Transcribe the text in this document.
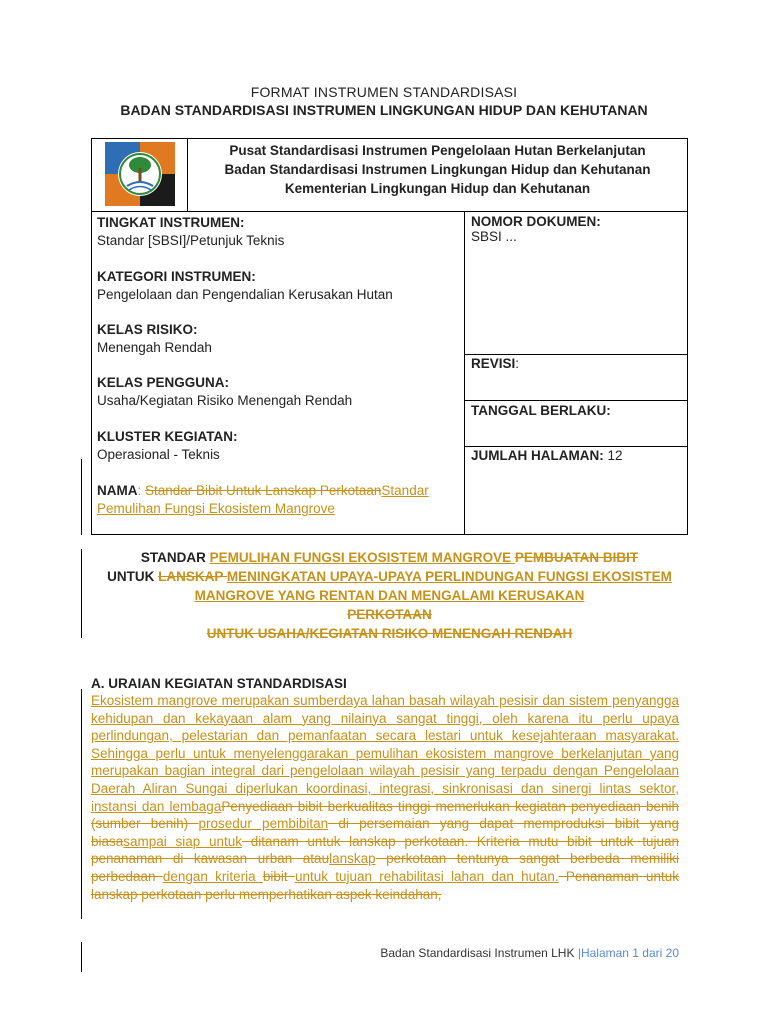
FORMAT INSTRUMEN STANDARDISASI
BADAN STANDARDISASI INSTRUMEN LINGKUNGAN HIDUP DAN KEHUTANAN
Pusat Standardisasi Instrumen Pengelolaan Hutan Berkelanjutan
Badan Standardisasi Instrumen Lingkungan Hidup dan Kehutanan
Kementerian Lingkungan Hidup dan Kehutanan
TINGKAT INSTRUMEN:
Standar [SBSI]/Petunjuk Teknis
KATEGORI INSTRUMEN:
Pengelolaan dan Pengendalian Kerusakan Hutan
KELAS RISIKO:
Menengah Rendah
KELAS PENGGUNA:
Usaha/Kegiatan Risiko Menengah Rendah
KLUSTER KEGIATAN:
Operasional - Teknis
NAMA: Standar Bibit Untuk Lanskap PerkotaanStandar Pemulihan Fungsi Ekosistem Mangrove
NOMOR DOKUMEN:
SBSI ...
REVISI:
TANGGAL BERLAKU:
JUMLAH HALAMAN: 12
STANDAR PEMULIHAN FUNGSI EKOSISTEM MANGROVE PEMBUATAN BIBIT
UNTUK LANSKAP MENINGKATAN UPAYA-UPAYA PERLINDUNGAN FUNGSI EKOSISTEM MANGROVE YANG RENTAN DAN MENGALAMI KERUSAKAN
PERKOTAAN
UNTUK USAHA/KEGIATAN RISIKO MENENGAH RENDAH
A. URAIAN KEGIATAN STANDARDISASI
Ekosistem mangrove merupakan sumberdaya lahan basah wilayah pesisir dan sistem penyangga kehidupan dan kekayaan alam yang nilainya sangat tinggi, oleh karena itu perlu upaya perlindungan, pelestarian dan pemanfaatan secara lestari untuk kesejahteraan masyarakat. Sehingga perlu untuk menyelenggarakan pemulihan ekosistem mangrove berkelanjutan yang merupakan bagian integral dari pengelolaan wilayah pesisir yang terpadu dengan Pengelolaan Daerah Aliran Sungai diperlukan koordinasi, integrasi, sinkronisasi dan sinergi lintas sektor, instansi dan lembagaPenyediaan bibit berkualitas tinggi memerlukan kegiatan penyediaan benih (sumber benih) prosedur pembibitan di persemaian yang dapat memproduksi bibit yang biasasampai siap untuk ditanam untuk lanskap perkotaan. Kriteria mutu bibit untuk tujuan penanaman di kawasan urban ataulanskap perkotaan tentunya sangat berbeda memiliki perbedaan dengan kriteria bibit untuk tujuan rehabilitasi lahan dan hutan. Penanaman untuk lanskap perkotaan perlu memperhatikan aspek keindahan,
Badan Standardisasi Instrumen LHK |Halaman 1 dari 20
